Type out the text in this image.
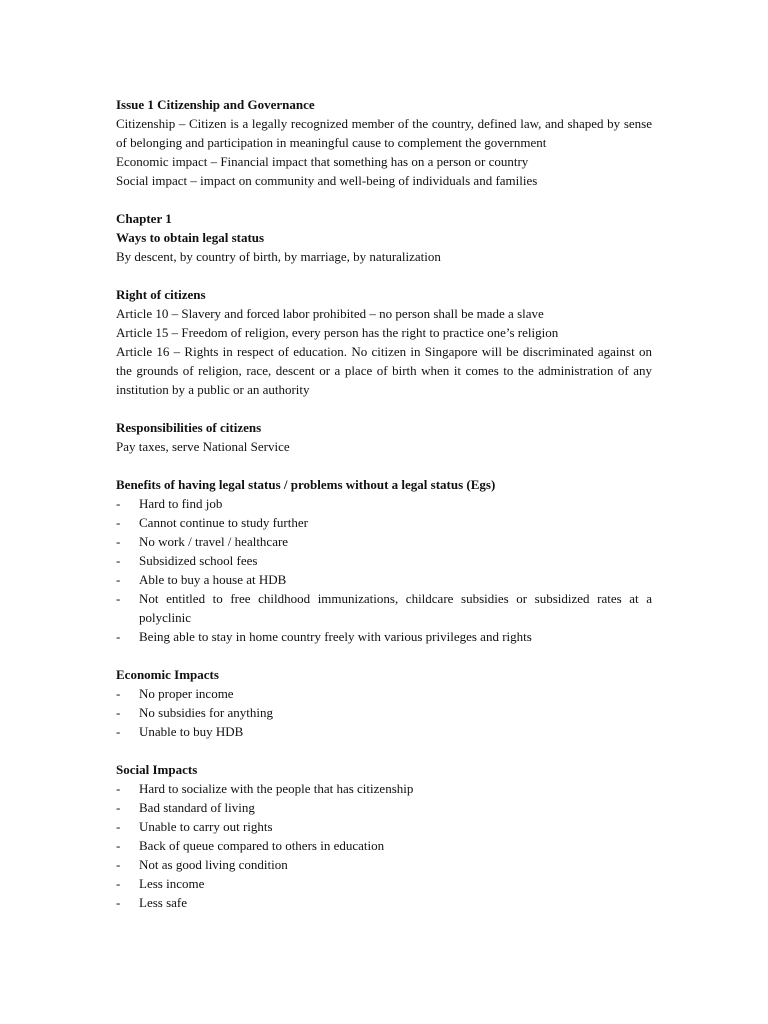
Issue 1 Citizenship and Governance

Citizenship – Citizen is a legally recognized member of the country, defined law, and shaped by sense of belonging and participation in meaningful cause to complement the government

Economic impact – Financial impact that something has on a person or country

Social impact – impact on community and well-being of individuals and families

Chapter 1

Ways to obtain legal status

By descent, by country of birth, by marriage, by naturalization

Right of citizens

Article 10 – Slavery and forced labor prohibited – no person shall be made a slave

Article 15 – Freedom of religion, every person has the right to practice one’s religion

Article 16 – Rights in respect of education. No citizen in Singapore will be discriminated against on the grounds of religion, race, descent or a place of birth when it comes to the administration of any institution by a public or an authority

Responsibilities of citizens

Pay taxes, serve National Service

Benefits of having legal status / problems without a legal status (Egs)

- Hard to find job
- Cannot continue to study further
- No work / travel / healthcare
- Subsidized school fees
- Able to buy a house at HDB
- Not entitled to free childhood immunizations, childcare subsidies or subsidized rates at a polyclinic
- Being able to stay in home country freely with various privileges and rights

Economic Impacts

- No proper income
- No subsidies for anything
- Unable to buy HDB

Social Impacts

- Hard to socialize with the people that has citizenship
- Bad standard of living
- Unable to carry out rights
- Back of queue compared to others in education
- Not as good living condition
- Less income
- Less safe
